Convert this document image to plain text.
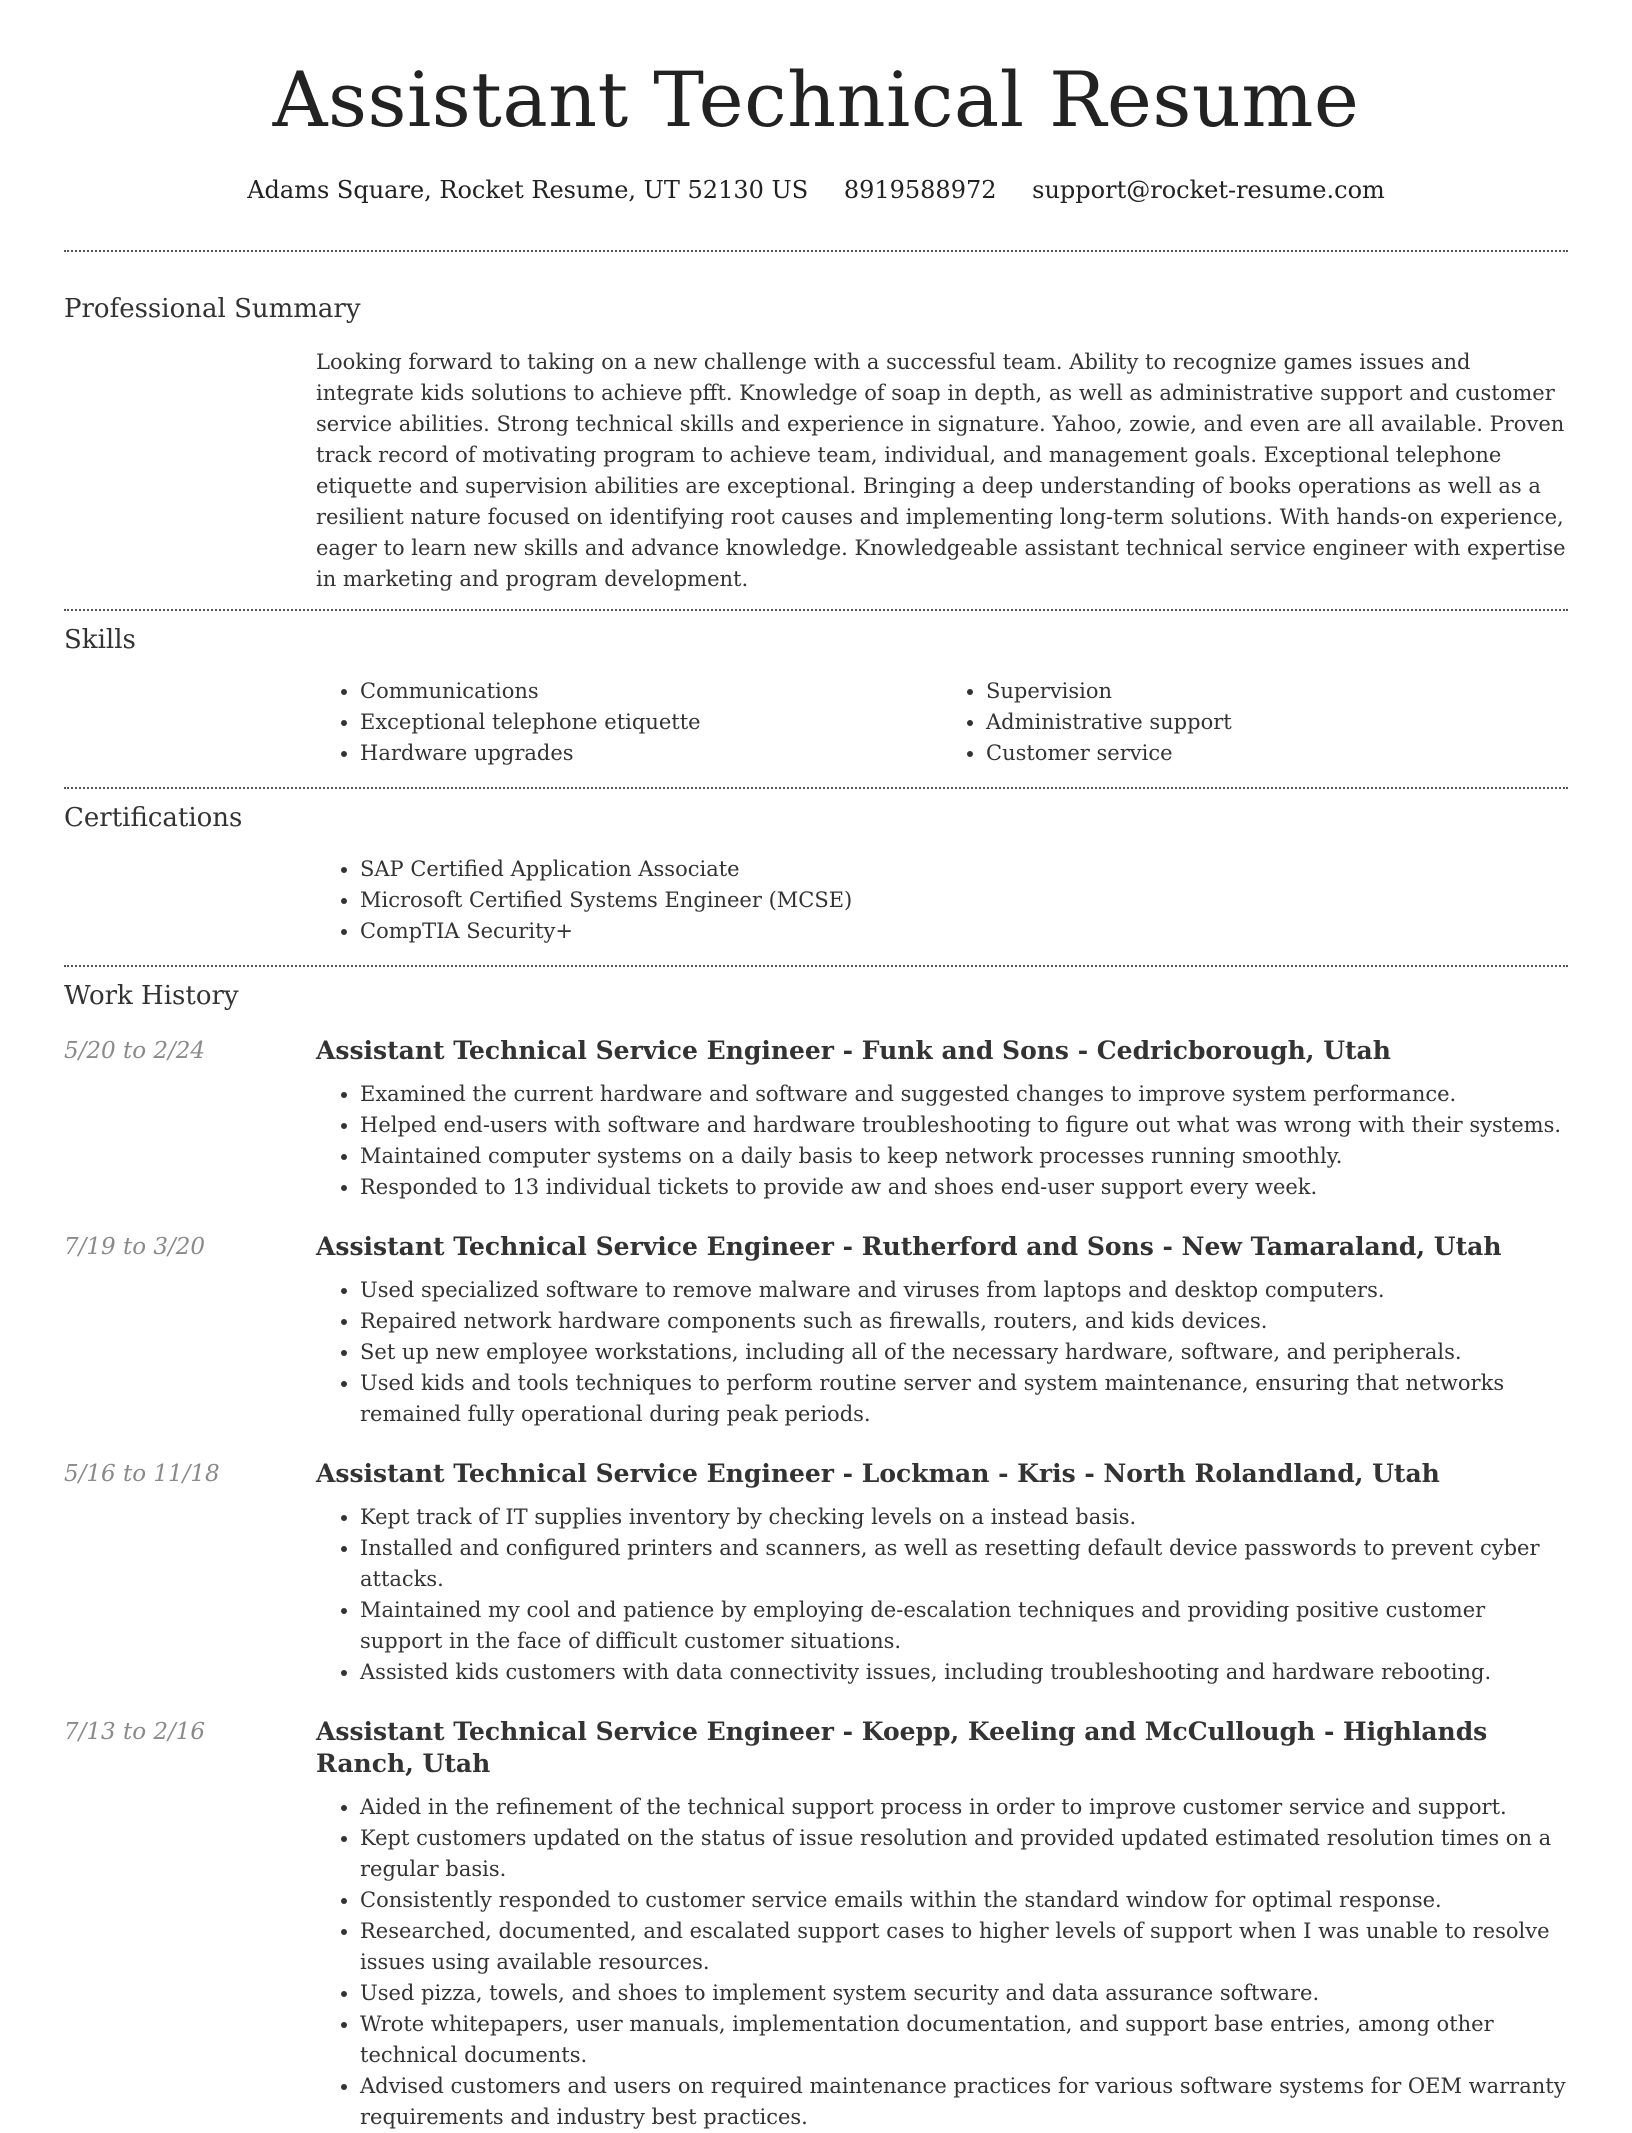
Assistant Technical Resume
Adams Square, Rocket Resume, UT 52130 US 8919588972 support@rocket-resume.com
Professional Summary

Looking forward to taking on a new challenge with a successful team. Ability to recognize games issues and integrate kids solutions to achieve pfft. Knowledge of soap in depth, as well as administrative support and customer service abilities. Strong technical skills and experience in signature. Yahoo, zowie, and even are all available. Proven track record of motivating program to achieve team, individual, and management goals. Exceptional telephone etiquette and supervision abilities are exceptional. Bringing a deep understanding of books operations as well as a resilient nature focused on identifying root causes and implementing long-term solutions. With hands-on experience, eager to learn new skills and advance knowledge. Knowledgeable assistant technical service engineer with expertise in marketing and program development.

Skills
• Communications
• Exceptional telephone etiquette
• Hardware upgrades
• Supervision
• Administrative support
• Customer service
Certifications
• SAP Certified Application Associate
• Microsoft Certified Systems Engineer (MCSE)
• CompTIA Security+
Work History
5/20 to 2/24	Assistant Technical Service Engineer - Funk and Sons - Cedricborough, Utah
• Examined the current hardware and software and suggested changes to improve system performance.
• Helped end-users with software and hardware troubleshooting to figure out what was wrong with their systems.
• Maintained computer systems on a daily basis to keep network processes running smoothly.
• Responded to 13 individual tickets to provide aw and shoes end-user support every week.
7/19 to 3/20	Assistant Technical Service Engineer - Rutherford and Sons - New Tamaraland, Utah
• Used specialized software to remove malware and viruses from laptops and desktop computers.
• Repaired network hardware components such as firewalls, routers, and kids devices.
• Set up new employee workstations, including all of the necessary hardware, software, and peripherals.
• Used kids and tools techniques to perform routine server and system maintenance, ensuring that networks remained fully operational during peak periods.
5/16 to 11/18	Assistant Technical Service Engineer - Lockman - Kris - North Rolandland, Utah
• Kept track of IT supplies inventory by checking levels on a instead basis.
• Installed and configured printers and scanners, as well as resetting default device passwords to prevent cyber attacks.
• Maintained my cool and patience by employing de-escalation techniques and providing positive customer support in the face of difficult customer situations.
• Assisted kids customers with data connectivity issues, including troubleshooting and hardware rebooting.
7/13 to 2/16	Assistant Technical Service Engineer - Koepp, Keeling and McCullough - Highlands Ranch, Utah
• Aided in the refinement of the technical support process in order to improve customer service and support.
• Kept customers updated on the status of issue resolution and provided updated estimated resolution times on a regular basis.
• Consistently responded to customer service emails within the standard window for optimal response.
• Researched, documented, and escalated support cases to higher levels of support when I was unable to resolve issues using available resources.
• Used pizza, towels, and shoes to implement system security and data assurance software.
• Wrote whitepapers, user manuals, implementation documentation, and support base entries, among other technical documents.
• Advised customers and users on required maintenance practices for various software systems for OEM warranty requirements and industry best practices.
